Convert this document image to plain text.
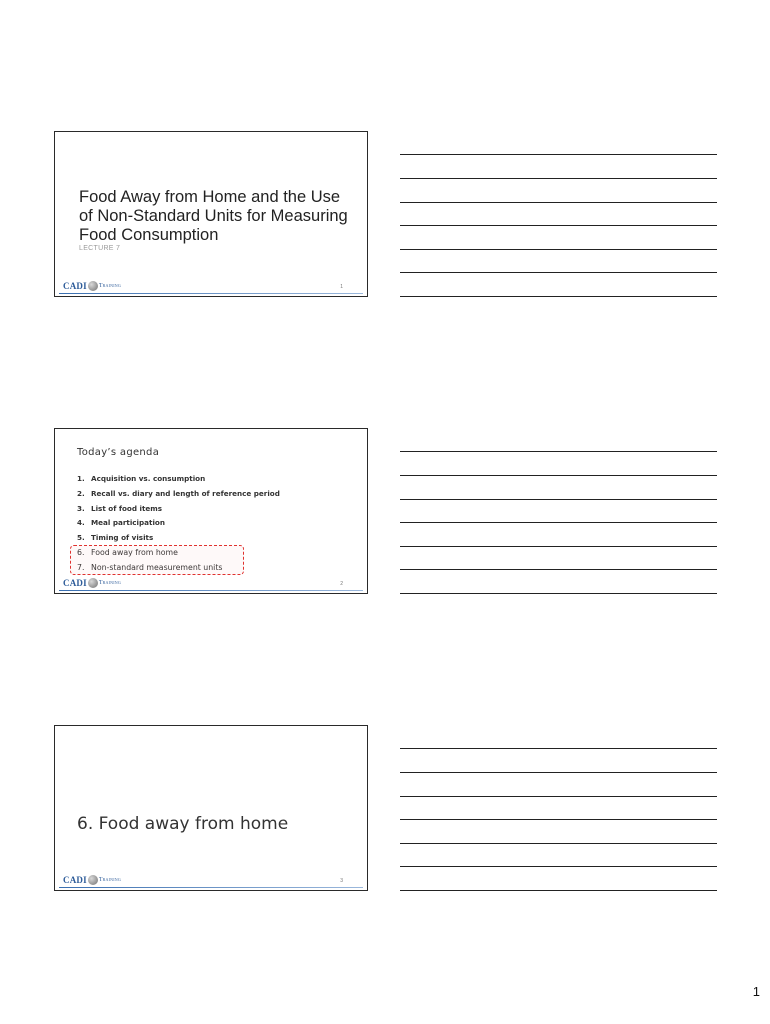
Food Away from Home and the Use of Non-Standard Units for Measuring Food Consumption
LECTURE 7
CADI Training	1
Today’s agenda
1. Acquisition vs. consumption
2. Recall vs. diary and length of reference period
3. List of food items
4. Meal participation
5. Timing of visits
6. Food away from home
7. Non-standard measurement units
CADI Training	2
6. Food away from home
CADI Training	3
1
